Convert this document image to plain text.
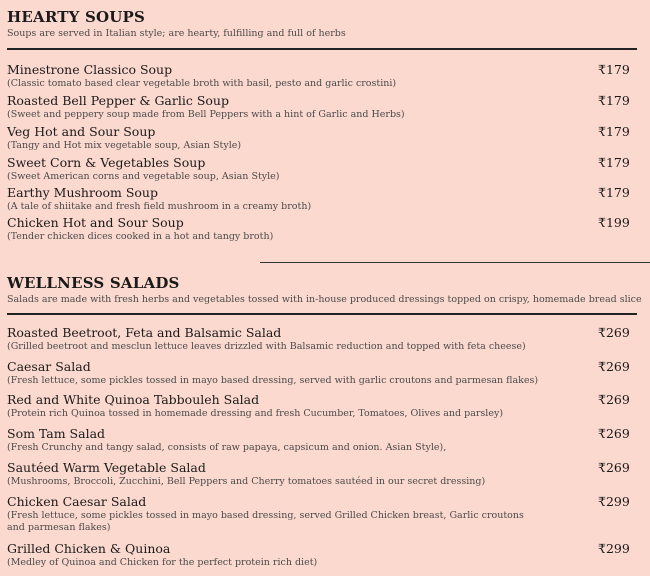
HEARTY SOUPS
Soups are served in Italian style; are hearty, fulfilling and full of herbs
Minestrone Classico Soup
(Classic tomato based clear vegetable broth with basil, pesto and garlic crostini)
₹179
Roasted Bell Pepper & Garlic Soup
(Sweet and peppery soup made from Bell Peppers with a hint of Garlic and Herbs)
₹179
Veg Hot and Sour Soup
(Tangy and Hot mix vegetable soup, Asian Style)
₹179
Sweet Corn & Vegetables Soup
(Sweet American corns and vegetable soup, Asian Style)
₹179
Earthy Mushroom Soup
(A tale of shiitake and fresh field mushroom in a creamy broth)
₹179
Chicken Hot and Sour Soup
(Tender chicken dices cooked in a hot and tangy broth)
₹199
WELLNESS SALADS
Salads are made with fresh herbs and vegetables tossed with in-house produced dressings topped on crispy, homemade bread slice
Roasted Beetroot, Feta and Balsamic Salad
(Grilled beetroot and mesclun lettuce leaves drizzled with Balsamic reduction and topped with feta cheese)
₹269
Caesar Salad
(Fresh lettuce, some pickles tossed in mayo based dressing, served with garlic croutons and parmesan flakes)
₹269
Red and White Quinoa Tabbouleh Salad
(Protein rich Quinoa tossed in homemade dressing and fresh Cucumber, Tomatoes, Olives and parsley)
₹269
Som Tam Salad
(Fresh Crunchy and tangy salad, consists of raw papaya, capsicum and onion. Asian Style),
₹269
Sautéed Warm Vegetable Salad
(Mushrooms, Broccoli, Zucchini, Bell Peppers and Cherry tomatoes sautéed in our secret dressing)
₹269
Chicken Caesar Salad
(Fresh lettuce, some pickles tossed in mayo based dressing, served Grilled Chicken breast, Garlic croutons and parmesan flakes)
₹299
Grilled Chicken & Quinoa
(Medley of Quinoa and Chicken for the perfect protein rich diet)
₹299
